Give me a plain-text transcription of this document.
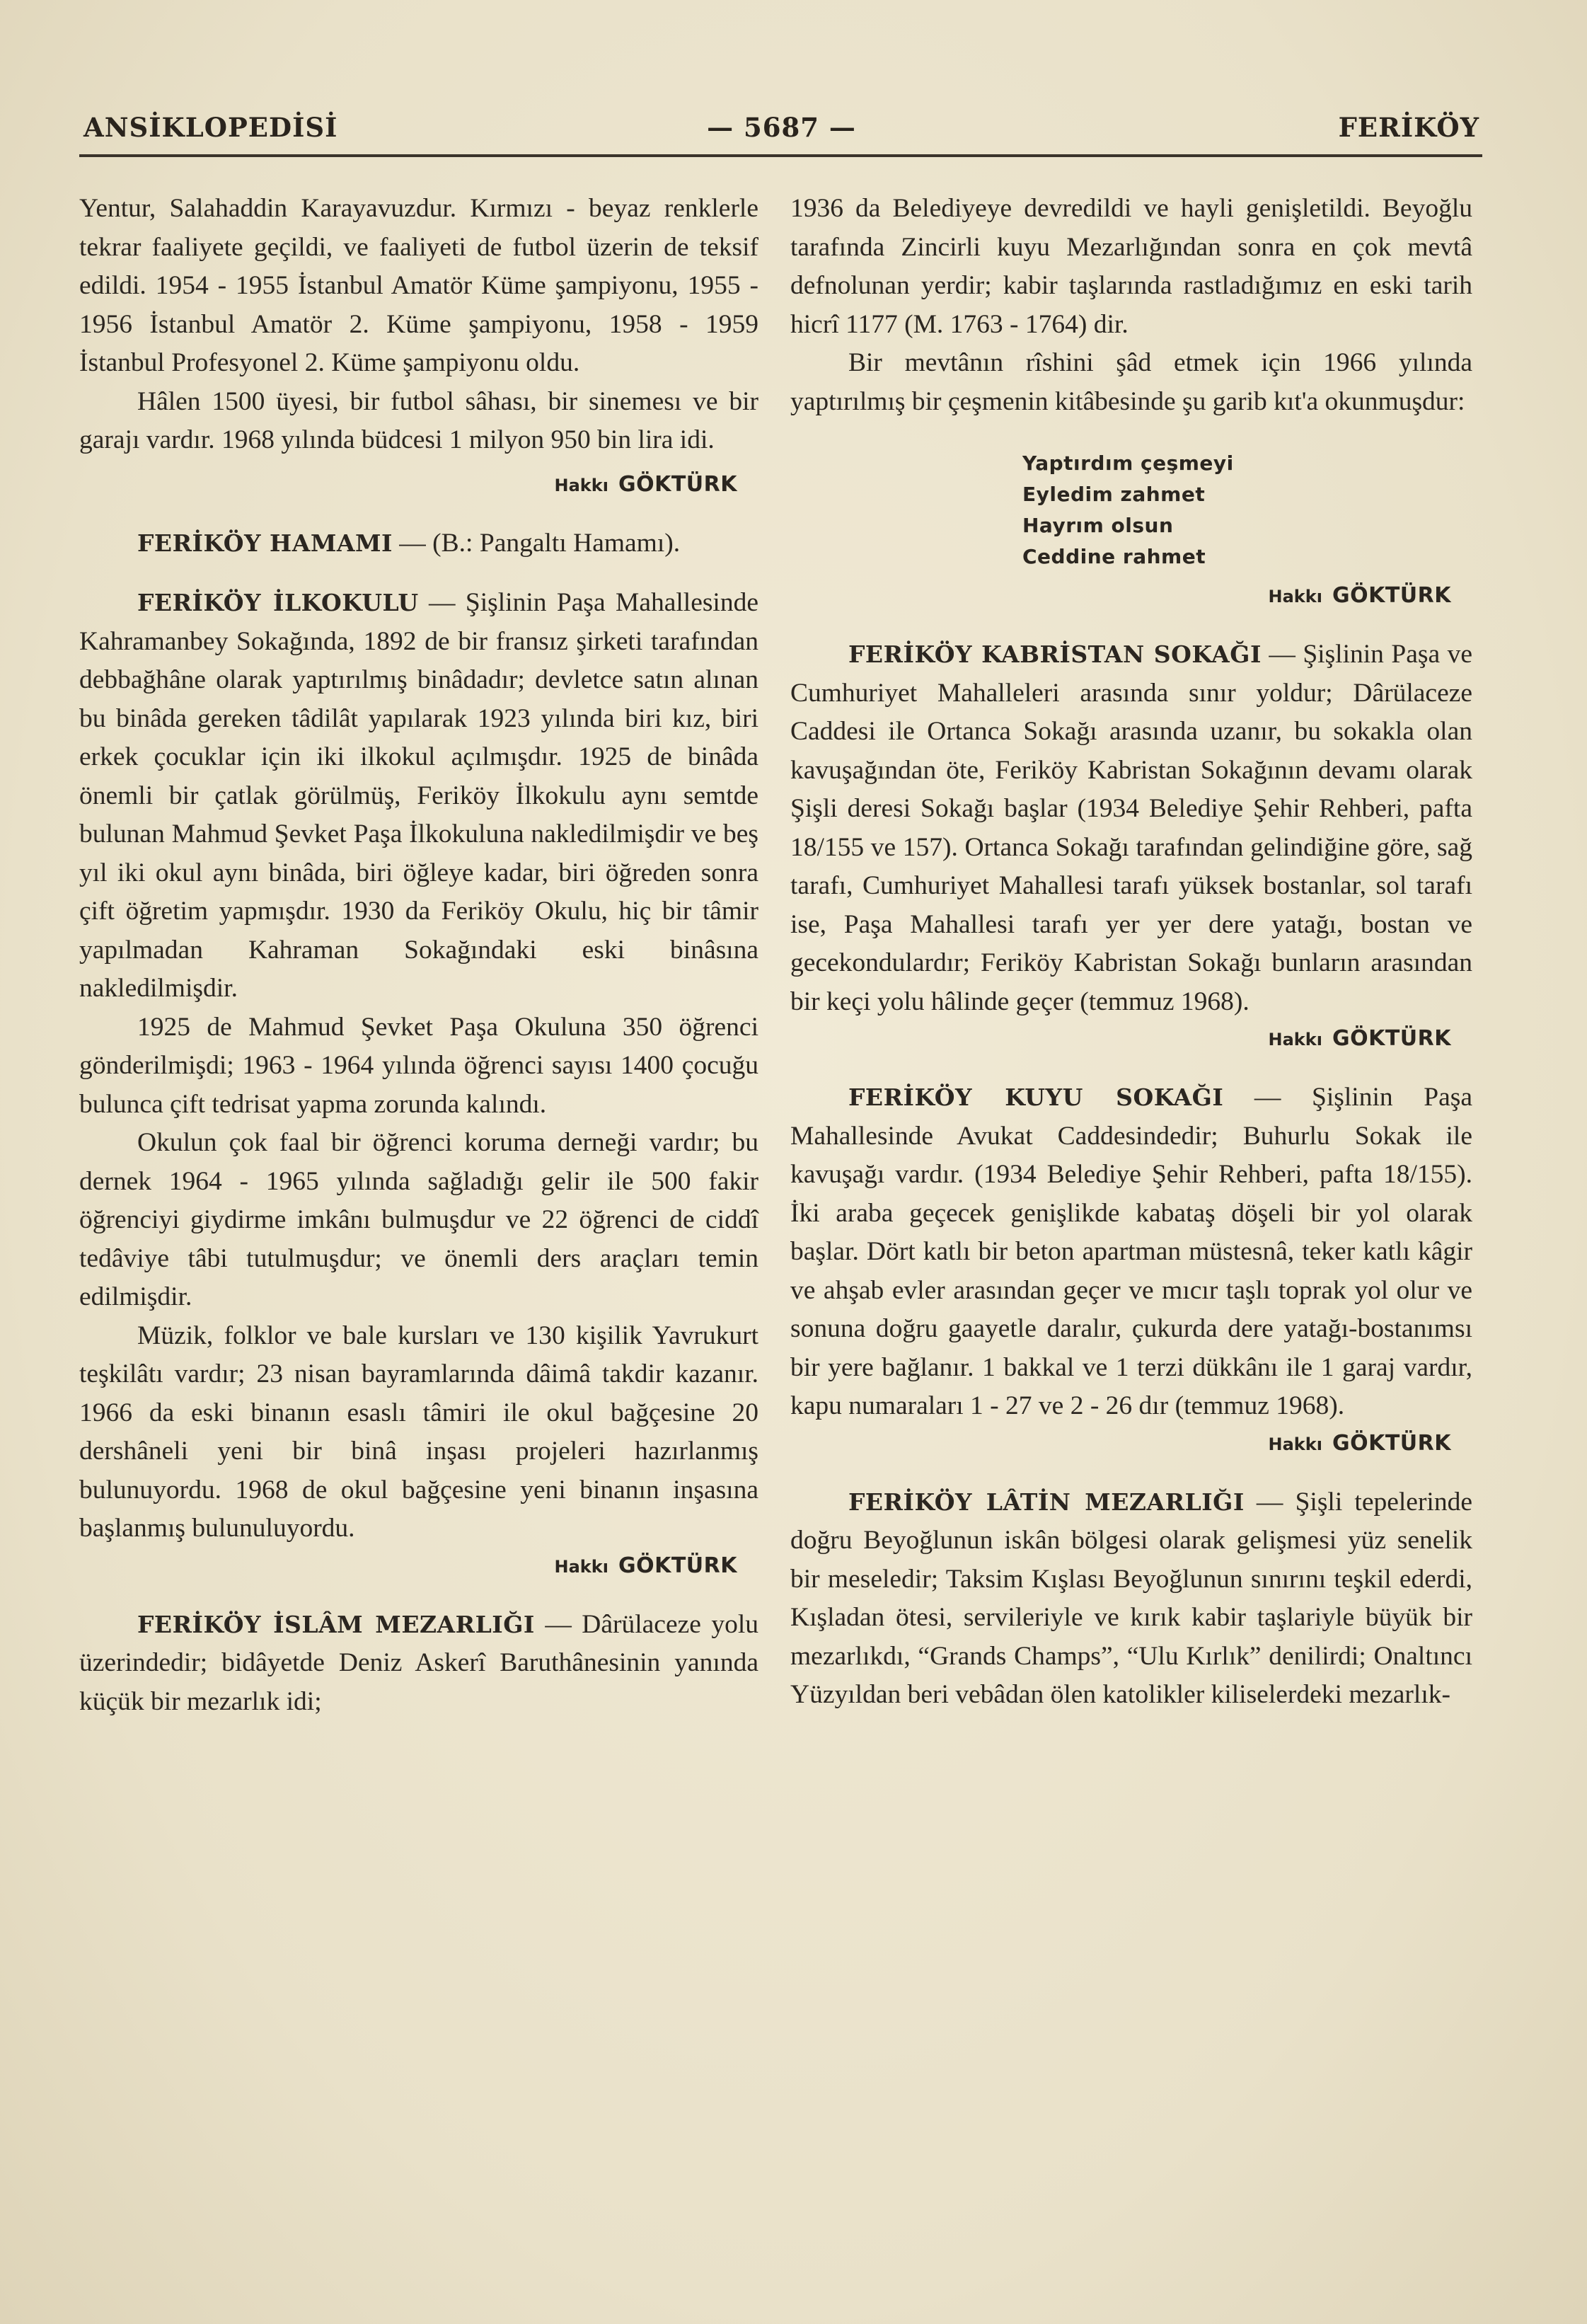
ANSİKLOPEDİSİ	— 5687 —	FERİKÖY

Yentur, Salahaddin Karayavuzdur. Kırmızı - beyaz renklerle tekrar faaliyete geçildi, ve faaliyeti de futbol üzerin de teksif edildi. 1954 - 1955 İstanbul Amatör Küme şampiyonu, 1955 - 1956 İstanbul Amatör 2. Küme şampiyonu, 1958 - 1959 İstanbul Profesyonel 2. Küme şampiyonu oldu.

Hâlen 1500 üyesi, bir futbol sâhası, bir sinemesı ve bir garajı vardır. 1968 yılında büdcesi 1 milyon 950 bin lira idi.

Hakkı GÖKTÜRK

FERİKÖY HAMAMI — (B.: Pangaltı Hamamı).

FERİKÖY İLKOKULU — Şişlinin Paşa Mahallesinde Kahramanbey Sokağında, 1892 de bir fransız şirketi tarafından debbağhâne olarak yaptırılmış binâdadır; devletce satın alınan bu binâda gereken tâdilât yapılarak 1923 yılında biri kız, biri erkek çocuklar için iki ilkokul açılmışdır. 1925 de binâda önemli bir çatlak görülmüş, Feriköy İlkokulu aynı semtde bulunan Mahmud Şevket Paşa İlkokuluna nakledilmişdir ve beş yıl iki okul aynı binâda, biri öğleye kadar, biri öğreden sonra çift öğretim yapmışdır. 1930 da Feriköy Okulu, hiç bir tâmir yapılmadan Kahraman Sokağındaki eski binâsına nakledilmişdir.

1925 de Mahmud Şevket Paşa Okuluna 350 öğrenci gönderilmişdi; 1963 - 1964 yılında öğrenci sayısı 1400 çocuğu bulunca çift tedrisat yapma zorunda kalındı.

Okulun çok faal bir öğrenci koruma derneği vardır; bu dernek 1964 - 1965 yılında sağladığı gelir ile 500 fakir öğrenciyi giydirme imkânı bulmuşdur ve 22 öğrenci de ciddî tedâviye tâbi tutulmuşdur; ve önemli ders araçları temin edilmişdir.

Müzik, folklor ve bale kursları ve 130 kişilik Yavrukurt teşkilâtı vardır; 23 nisan bayramlarında dâimâ takdir kazanır. 1966 da eski binanın esaslı tâmiri ile okul bağçesine 20 dershâneli yeni bir binâ inşası projeleri hazırlanmış bulunuyordu. 1968 de okul bağçesine yeni binanın inşasına başlanmış bulunuluyordu.

Hakkı GÖKTÜRK

FERİKÖY İSLÂM MEZARLIĞI — Dârülaceze yolu üzerindedir; bidâyetde Deniz Askerî Baruthânesinin yanında küçük bir mezarlık idi;

1936 da Belediyeye devredildi ve hayli genişletildi. Beyoğlu tarafında Zincirli kuyu Mezarlığından sonra en çok mevtâ defnolunan yerdir; kabir taşlarında rastladığımız en eski tarih hicrî 1177 (M. 1763 - 1764) dir.

Bir mevtânın rîshini şâd etmek için 1966 yılında yaptırılmış bir çeşmenin kitâbesinde şu garib kıt'a okunmuşdur:

Yaptırdım çeşmeyi
Eyledim zahmet
Hayrım olsun
Ceddine rahmet
Hakkı GÖKTÜRK

FERİKÖY KABRİSTAN SOKAĞI — Şişlinin Paşa ve Cumhuriyet Mahalleleri arasında sınır yoldur; Dârülaceze Caddesi ile Ortanca Sokağı arasında uzanır, bu sokakla olan kavuşağından öte, Feriköy Kabristan Sokağının devamı olarak Şişli deresi Sokağı başlar (1934 Belediye Şehir Rehberi, pafta 18/155 ve 157). Ortanca Sokağı tarafından gelindiğine göre, sağ tarafı, Cumhuriyet Mahallesi tarafı yüksek bostanlar, sol tarafı ise, Paşa Mahallesi tarafı yer yer dere yatağı, bostan ve gecekondulardır; Feriköy Kabristan Sokağı bunların arasından bir keçi yolu hâlinde geçer (temmuz 1968).

Hakkı GÖKTÜRK

FERİKÖY KUYU SOKAĞI — Şişlinin Paşa Mahallesinde Avukat Caddesindedir; Buhurlu Sokak ile kavuşağı vardır. (1934 Belediye Şehir Rehberi, pafta 18/155). İki araba geçecek genişlikde kabataş döşeli bir yol olarak başlar. Dört katlı bir beton apartman müstesnâ, teker katlı kâgir ve ahşab evler arasından geçer ve mıcır taşlı toprak yol olur ve sonuna doğru gaayetle daralır, çukurda dere yatağı-bostanımsı bir yere bağlanır. 1 bakkal ve 1 terzi dükkânı ile 1 garaj vardır, kapu numaraları 1 - 27 ve 2 - 26 dır (temmuz 1968).

Hakkı GÖKTÜRK

FERİKÖY LÂTİN MEZARLIĞI — Şişli tepelerinde doğru Beyoğlunun iskân bölgesi olarak gelişmesi yüz senelik bir meseledir; Taksim Kışlası Beyoğlunun sınırını teşkil ederdi, Kışladan ötesi, servileriyle ve kırık kabir taşlariyle büyük bir mezarlıkdı, “Grands Champs”, “Ulu Kırlık” denilirdi; Onaltıncı Yüzyıldan beri vebâdan ölen katolikler kiliselerdeki mezarlık-
